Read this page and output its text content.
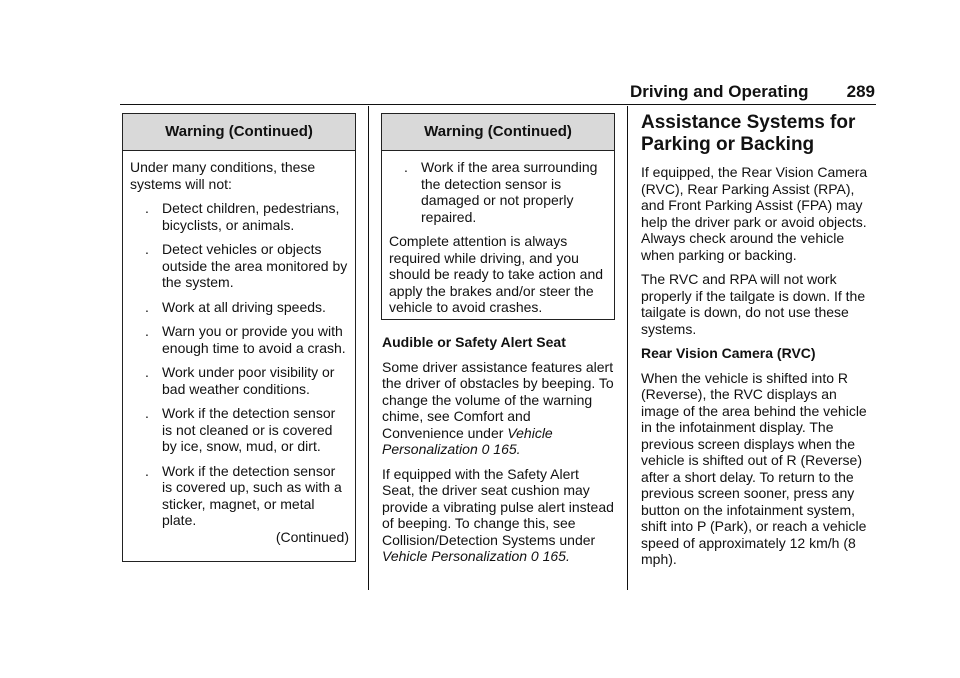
Driving and Operating 289
Warning (Continued)

Under many conditions, these systems will not:

. Detect children, pedestrians, bicyclists, or animals.
. Detect vehicles or objects outside the area monitored by the system.
. Work at all driving speeds.
. Warn you or provide you with enough time to avoid a crash.
. Work under poor visibility or bad weather conditions.
. Work if the detection sensor is not cleaned or is covered by ice, snow, mud, or dirt.
. Work if the detection sensor is covered up, such as with a sticker, magnet, or metal plate.

(Continued)

Warning (Continued)
. Work if the area surrounding the detection sensor is damaged or not properly repaired.

Complete attention is always required while driving, and you should be ready to take action and apply the brakes and/or steer the vehicle to avoid crashes.

Audible or Safety Alert Seat

Some driver assistance features alert the driver of obstacles by beeping. To change the volume of the warning chime, see Comfort and Convenience under Vehicle Personalization 0 165.

If equipped with the Safety Alert Seat, the driver seat cushion may provide a vibrating pulse alert instead of beeping. To change this, see Collision/Detection Systems under Vehicle Personalization 0 165.

Assistance Systems for Parking or Backing

If equipped, the Rear Vision Camera (RVC), Rear Parking Assist (RPA), and Front Parking Assist (FPA) may help the driver park or avoid objects. Always check around the vehicle when parking or backing.

The RVC and RPA will not work properly if the tailgate is down. If the tailgate is down, do not use these systems.

Rear Vision Camera (RVC)

When the vehicle is shifted into R (Reverse), the RVC displays an image of the area behind the vehicle in the infotainment display. The previous screen displays when the vehicle is shifted out of R (Reverse) after a short delay. To return to the previous screen sooner, press any button on the infotainment system, shift into P (Park), or reach a vehicle speed of approximately 12 km/h (8 mph).
